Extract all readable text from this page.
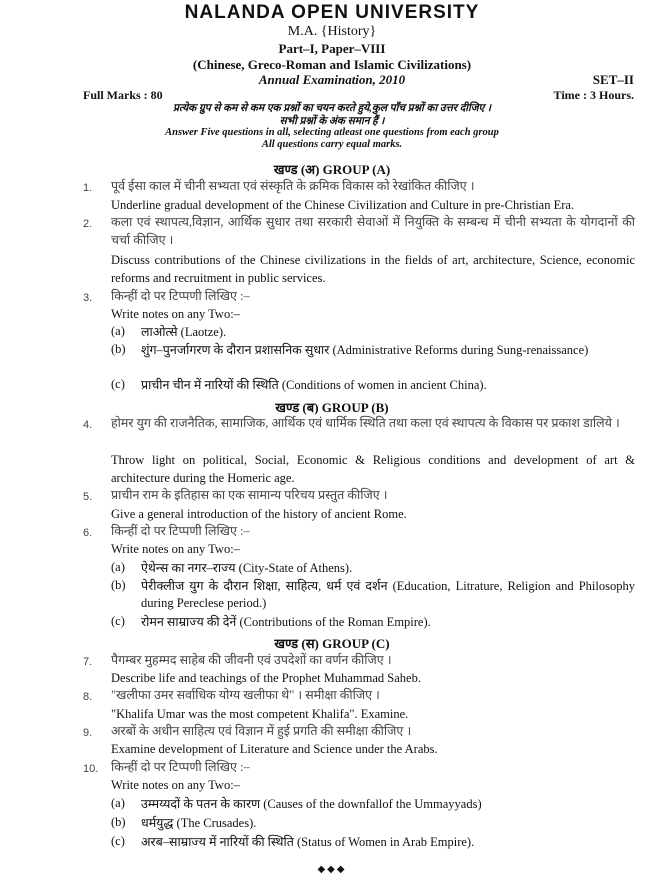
NALANDA OPEN UNIVERSITY
M.A. {History}
Part–I, Paper–VIII
(Chinese, Greco-Roman and Islamic Civilizations)
Annual Examination, 2010	SET–II
Full Marks : 80	Time : 3 Hours.
प्रत्येक ग्रुप से कम से कम एक प्रश्नों का चयन करते हुये,कुल पाँच प्रश्नों का उत्तर दीजिए ।
सभी प्रश्नों के अंक समान हैं ।
Answer Five questions in all, selecting atleast one questions from each group
All questions carry equal marks.
खण्ड (अ) GROUP (A)
1. पूर्व ईसा काल में चीनी सभ्यता एवं संस्कृति के क्रमिक विकास को रेखांकित कीजिए ।
Underline gradual development of the Chinese Civilization and Culture in pre-Christian Era.
2. कला एवं स्थापत्य,विज्ञान, आर्थिक सुधार तथा सरकारी सेवाओं में नियुक्ति के सम्बन्ध में चीनी सभ्यता के योगदानों की चर्चा कीजिए ।
Discuss contributions of the Chinese civilizations in the fields of art, architecture, Science, economic reforms and recruitment in public services.
3. किन्हीं दो पर टिप्पणी लिखिए :–
Write notes on any Two:–
(a) लाओत्से (Laotze).
(b) शुंग–पुनर्जागरण के दौरान प्रशासनिक सुधार (Administrative Reforms during Sung-renaissance)
(c) प्राचीन चीन में नारियों की स्थिति (Conditions of women in ancient China).
खण्ड (ब) GROUP (B)
4. होमर युग की राजनैतिक, सामाजिक, आर्थिक एवं धार्मिक स्थिति तथा कला एवं स्थापत्य के विकास पर प्रकाश डालिये ।
Throw light on political, Social, Economic & Religious conditions and development of art & architecture during the Homeric age.
5. प्राचीन राम के इतिहास का एक सामान्य परिचय प्रस्तुत कीजिए ।
Give a general introduction of the history of ancient Rome.
6. किन्हीं दो पर टिप्पणी लिखिए :–
Write notes on any Two:–
(a) ऐथेन्स का नगर–राज्य (City-State of Athens).
(b) पेरीक्लीज युग के दौरान शिक्षा, साहित्य, धर्म एवं दर्शन (Education, Litrature, Religion and Philosophy during Pereclese period.)
(c) रोमन साम्राज्य की देनें (Contributions of the Roman Empire).
खण्ड (स) GROUP (C)
7. पैगम्बर मुहम्मद साहेब की जीवनी एवं उपदेशों का वर्णन कीजिए ।
Describe life and teachings of the Prophet Muhammad Saheb.
8. "खलीफा उमर सर्वाधिक योग्य खलीफा थे" । समीक्षा कीजिए ।
"Khalifa Umar was the most competent Khalifa". Examine.
9. अरबों के अधीन साहित्य एवं विज्ञान में हुई प्रगति की समीक्षा कीजिए ।
Examine development of Literature and Science under the Arabs.
10. किन्हीं दो पर टिप्पणी लिखिए :–
Write notes on any Two:–
(a) उम्मय्यदों के पतन के कारण (Causes of the downfallof the Ummayyads)
(b) धर्मयुद्ध (The Crusades).
(c) अरब–साम्राज्य में नारियों की स्थिति (Status of Women in Arab Empire).
◆◆◆
